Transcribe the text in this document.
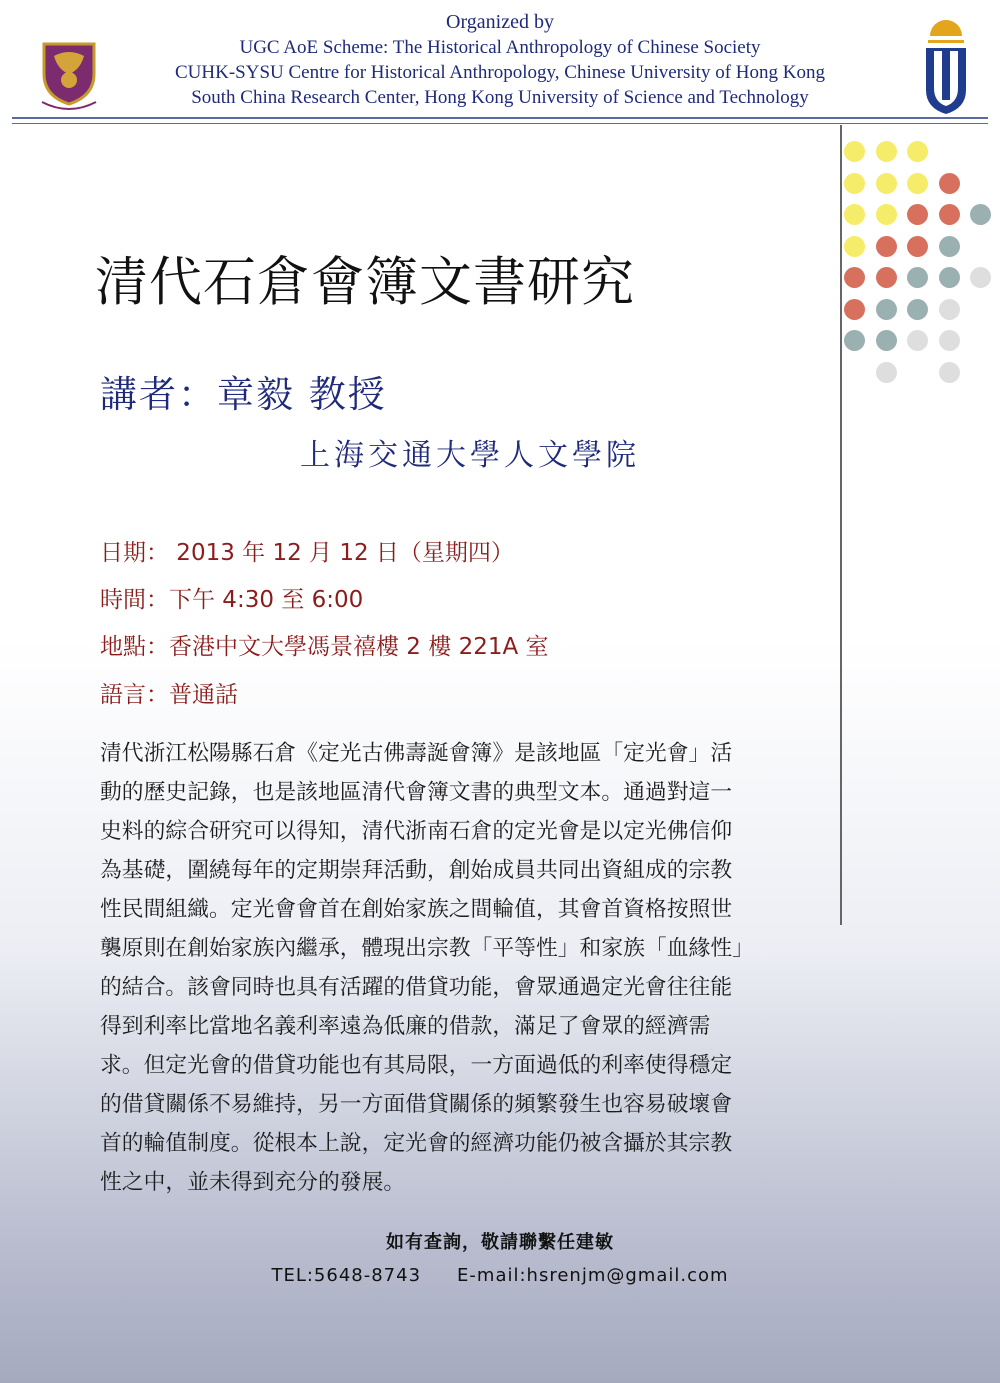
Organized by
UGC AoE Scheme: The Historical Anthropology of Chinese Society
CUHK-SYSU Centre for Historical Anthropology, Chinese University of Hong Kong
South China Research Center, Hong Kong University of Science and Technology
清代石倉會簿文書研究
講者：章毅 教授
上海交通大學人文學院
日期： 2013 年 12 月 12 日（星期四）
時間：下午 4:30 至 6:00
地點：香港中文大學馮景禧樓 2 樓 221A 室
語言：普通話
清代浙江松陽縣石倉《定光古佛壽誕會簿》是該地區「定光會」活
動的歷史記錄，也是該地區清代會簿文書的典型文本。通過對這一
史料的綜合研究可以得知，清代浙南石倉的定光會是以定光佛信仰
為基礎，圍繞每年的定期崇拜活動，創始成員共同出資組成的宗教
性民間組織。定光會會首在創始家族之間輪值，其會首資格按照世
襲原則在創始家族內繼承，體現出宗教「平等性」和家族「血緣性」
的結合。該會同時也具有活躍的借貸功能，會眾通過定光會往往能
得到利率比當地名義利率遠為低廉的借款，滿足了會眾的經濟需
求。但定光會的借貸功能也有其局限，一方面過低的利率使得穩定
的借貸關係不易維持，另一方面借貸關係的頻繁發生也容易破壞會
首的輪值制度。從根本上說，定光會的經濟功能仍被含攝於其宗教
性之中，並未得到充分的發展。
如有查詢，敬請聯繫任建敏
TEL:5648-8743 E-mail:hsrenjm@gmail.com
